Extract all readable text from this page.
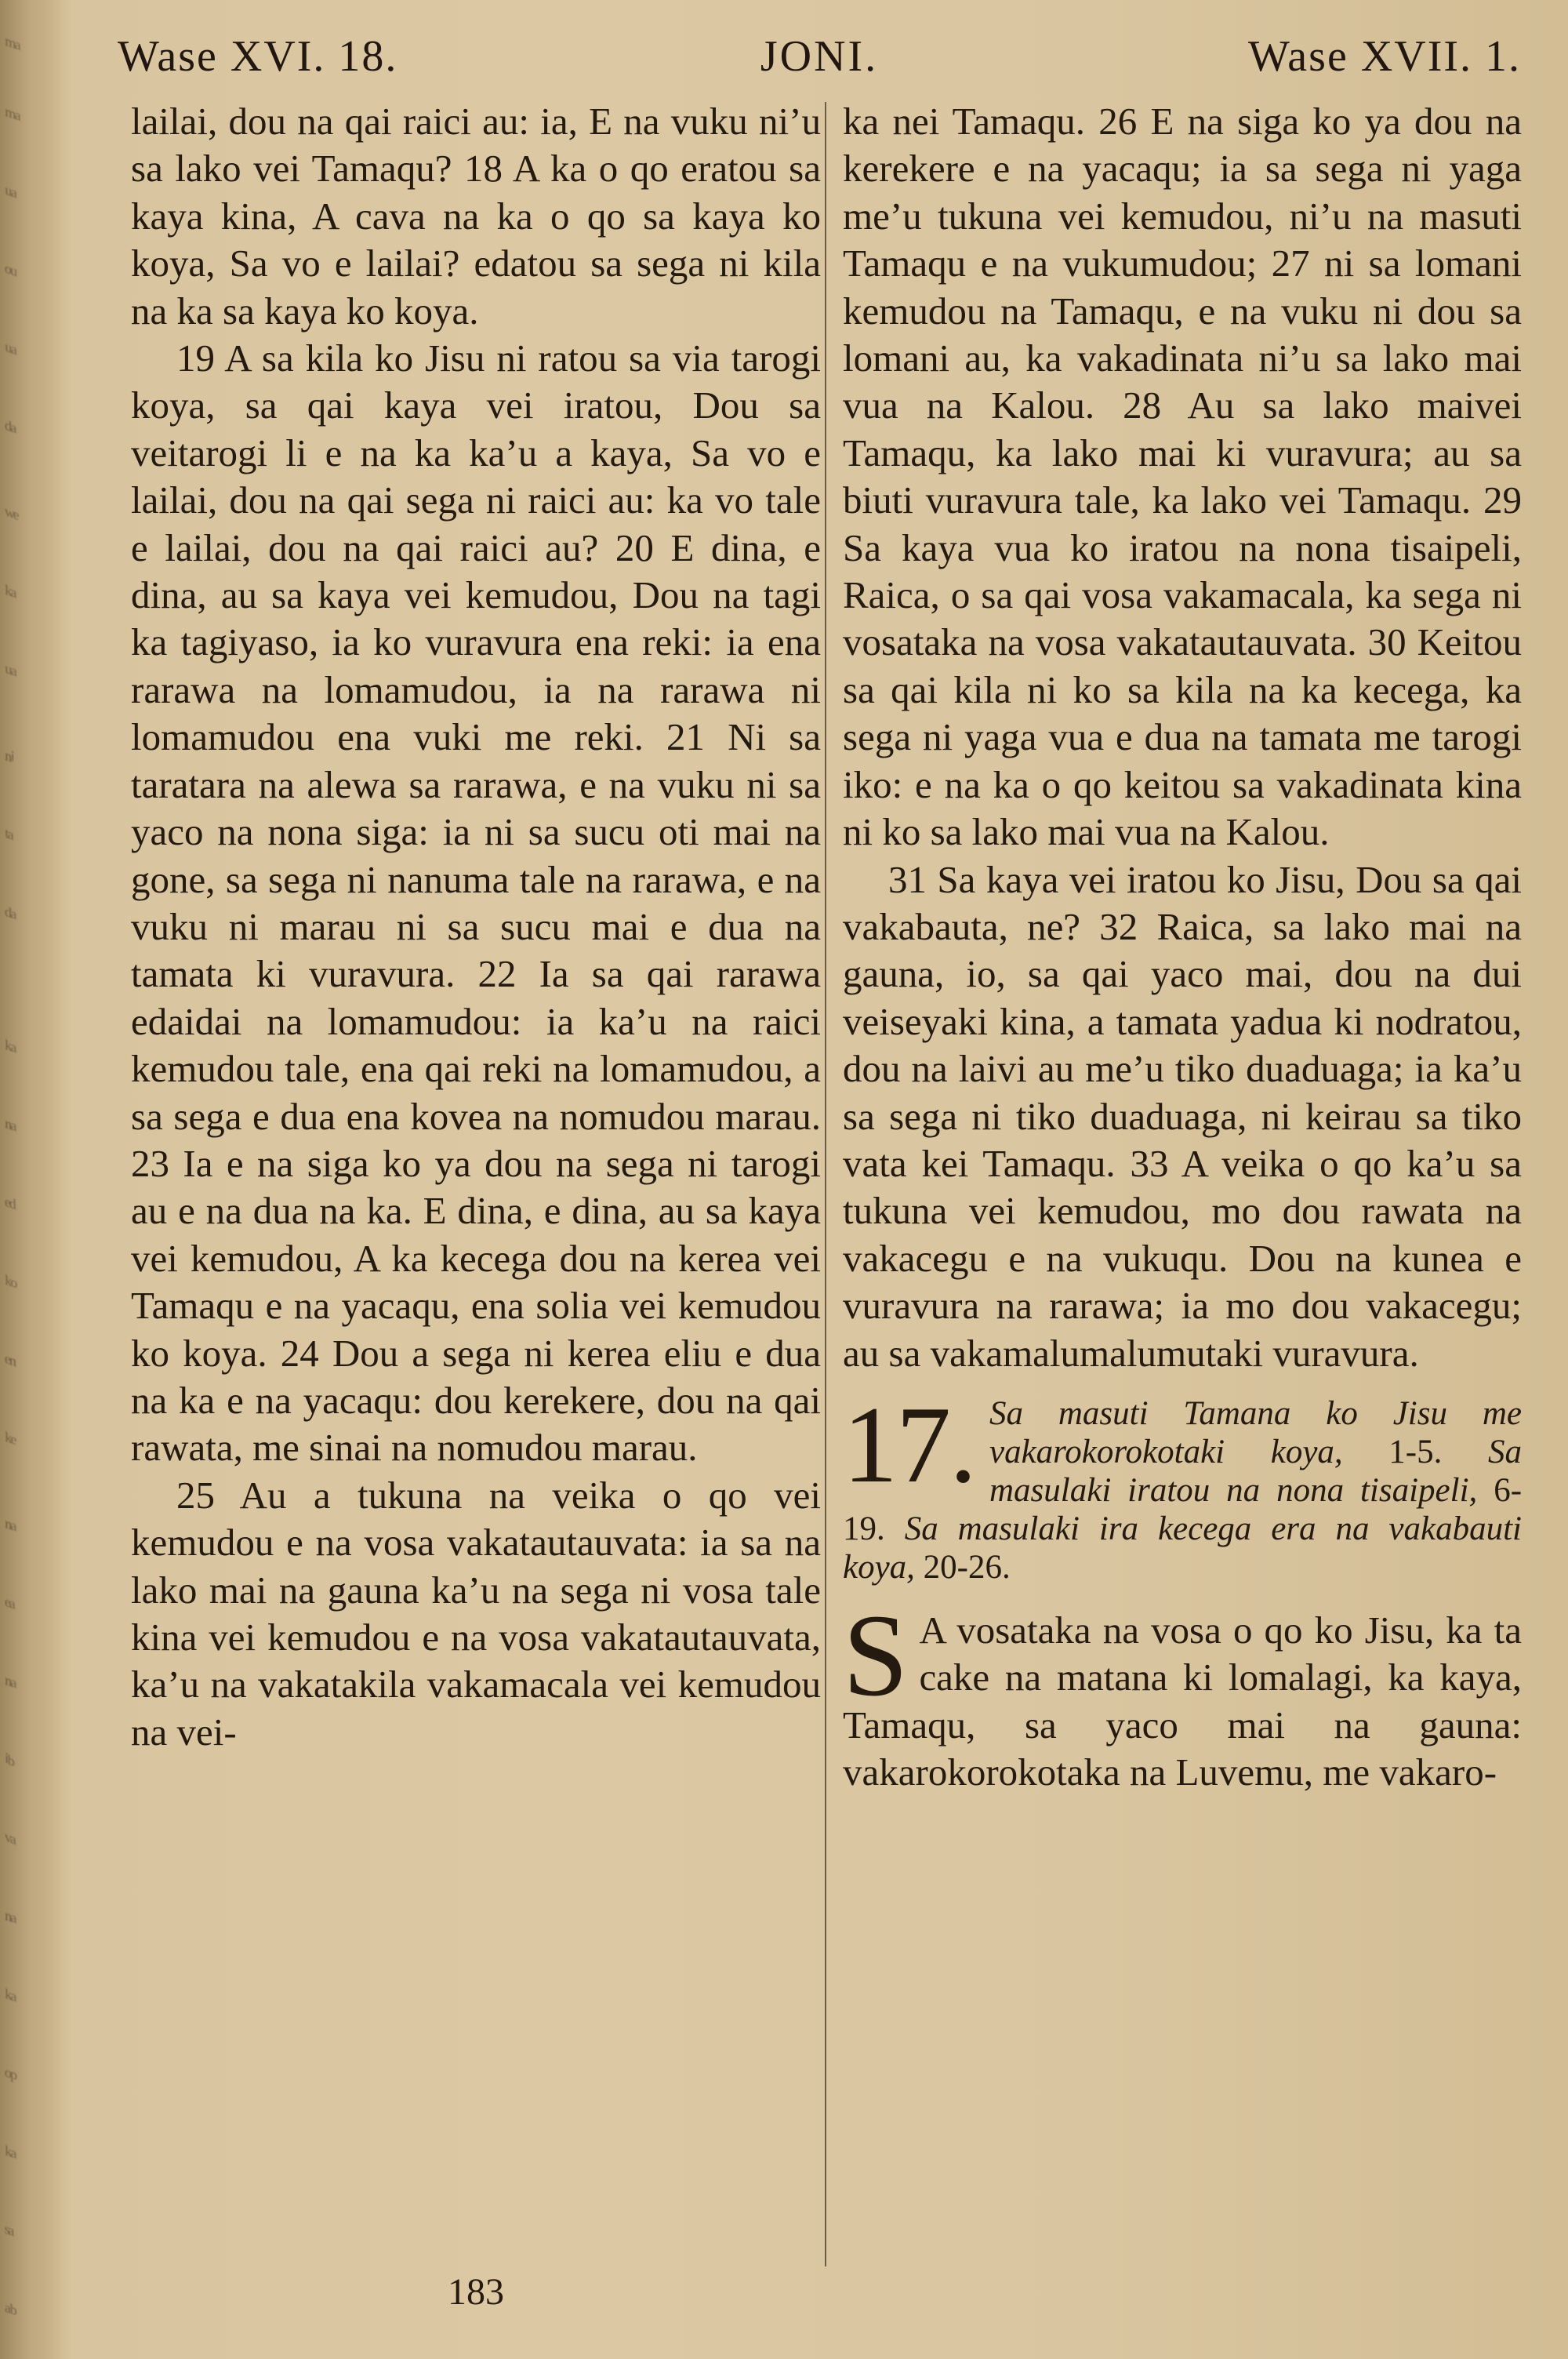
ᵐᵃ
ᵐᵃ
ᵘᵃ
ᵒᵘ
ᵘᵃ
ᵈᵃ
ʷᵉ
ᵏᵃ
ᵘᵃ
ⁿⁱ
ᵗᵃ
ᵈᵃ
ᵏᵃ
ⁿᵃ
ᵉᵈ
ᵏᵒ
ᵉⁿ
ᵏᵉ
ⁿᵃ
ᵉᵃ
ⁿᵃ
ⁱᵇ
ᵛᵃ
ⁿᵃ
ᵏᵃ
ᵒᵖ
ᵏᵃ
ˢᵃ
ᵃᵇ
Wase XVI. 18.	JONI.	Wase XVII. 1.

lailai, dou na qai raici au: ia, E na vuku ni’u sa lako vei Tamaqu? 18 A ka o qo eratou sa kaya kina, A cava na ka o qo sa kaya ko koya, Sa vo e lailai? edatou sa sega ni kila na ka sa kaya ko koya.

19 A sa kila ko Jisu ni ratou sa via tarogi koya, sa qai kaya vei iratou, Dou sa veitarogi li e na ka ka’u a kaya, Sa vo e lailai, dou na qai sega ni raici au: ka vo tale e lailai, dou na qai raici au? 20 E dina, e dina, au sa kaya vei kemudou, Dou na tagi ka tagiyaso, ia ko vuravura ena reki: ia ena rarawa na lomamudou, ia na rarawa ni lomamudou ena vuki me reki. 21 Ni sa taratara na alewa sa rarawa, e na vuku ni sa yaco na nona siga: ia ni sa sucu oti mai na gone, sa sega ni nanuma tale na rarawa, e na vuku ni marau ni sa sucu mai e dua na tamata ki vuravura. 22 Ia sa qai rarawa edaidai na lomamudou: ia ka’u na raici kemudou tale, ena qai reki na lomamudou, a sa sega e dua ena kovea na nomudou marau. 23 Ia e na siga ko ya dou na sega ni tarogi au e na dua na ka. E dina, e dina, au sa kaya vei kemudou, A ka kecega dou na kerea vei Tamaqu e na yacaqu, ena solia vei kemudou ko koya. 24 Dou a sega ni kerea eliu e dua na ka e na yacaqu: dou kerekere, dou na qai rawata, me sinai na nomudou marau.

25 Au a tukuna na veika o qo vei kemudou e na vosa vakatautauvata: ia sa na lako mai na gauna ka’u na sega ni vosa tale kina vei kemudou e na vosa vakatautauvata, ka’u na vakatakila vakamacala vei kemudou na vei-

ka nei Tamaqu. 26 E na siga ko ya dou na kerekere e na yacaqu; ia sa sega ni yaga me’u tukuna vei kemudou, ni’u na masuti Tamaqu e na vukumudou; 27 ni sa lomani kemudou na Tamaqu, e na vuku ni dou sa lomani au, ka vakadinata ni’u sa lako mai vua na Kalou. 28 Au sa lako maivei Tamaqu, ka lako mai ki vuravura; au sa biuti vuravura tale, ka lako vei Tamaqu. 29 Sa kaya vua ko iratou na nona tisaipeli, Raica, o sa qai vosa vakamacala, ka sega ni vosataka na vosa vakatautauvata. 30 Keitou sa qai kila ni ko sa kila na ka kecega, ka sega ni yaga vua e dua na tamata me tarogi iko: e na ka o qo keitou sa vakadinata kina ni ko sa lako mai vua na Kalou.

31 Sa kaya vei iratou ko Jisu, Dou sa qai vakabauta, ne? 32 Raica, sa lako mai na gauna, io, sa qai yaco mai, dou na dui veiseyaki kina, a tamata yadua ki nodratou, dou na laivi au me’u tiko duaduaga; ia ka’u sa sega ni tiko duaduaga, ni keirau sa tiko vata kei Tamaqu. 33 A veika o qo ka’u sa tukuna vei kemudou, mo dou rawata na vakacegu e na vukuqu. Dou na kunea e vuravura na rarawa; ia mo dou vakacegu; au sa vakamalumalumutaki vuravura.

17. Sa masuti Tamana ko Jisu me vakarokorokotaki koya, 1-5. Sa masulaki iratou na nona tisaipeli, 6-19. Sa masulaki ira kecega era na vakabauti koya, 20-26.

S A vosataka na vosa o qo ko Jisu, ka ta cake na matana ki lomalagi, ka kaya, Tamaqu, sa yaco mai na gauna: vakarokorokotaka na Luvemu, me vakaro-

183
